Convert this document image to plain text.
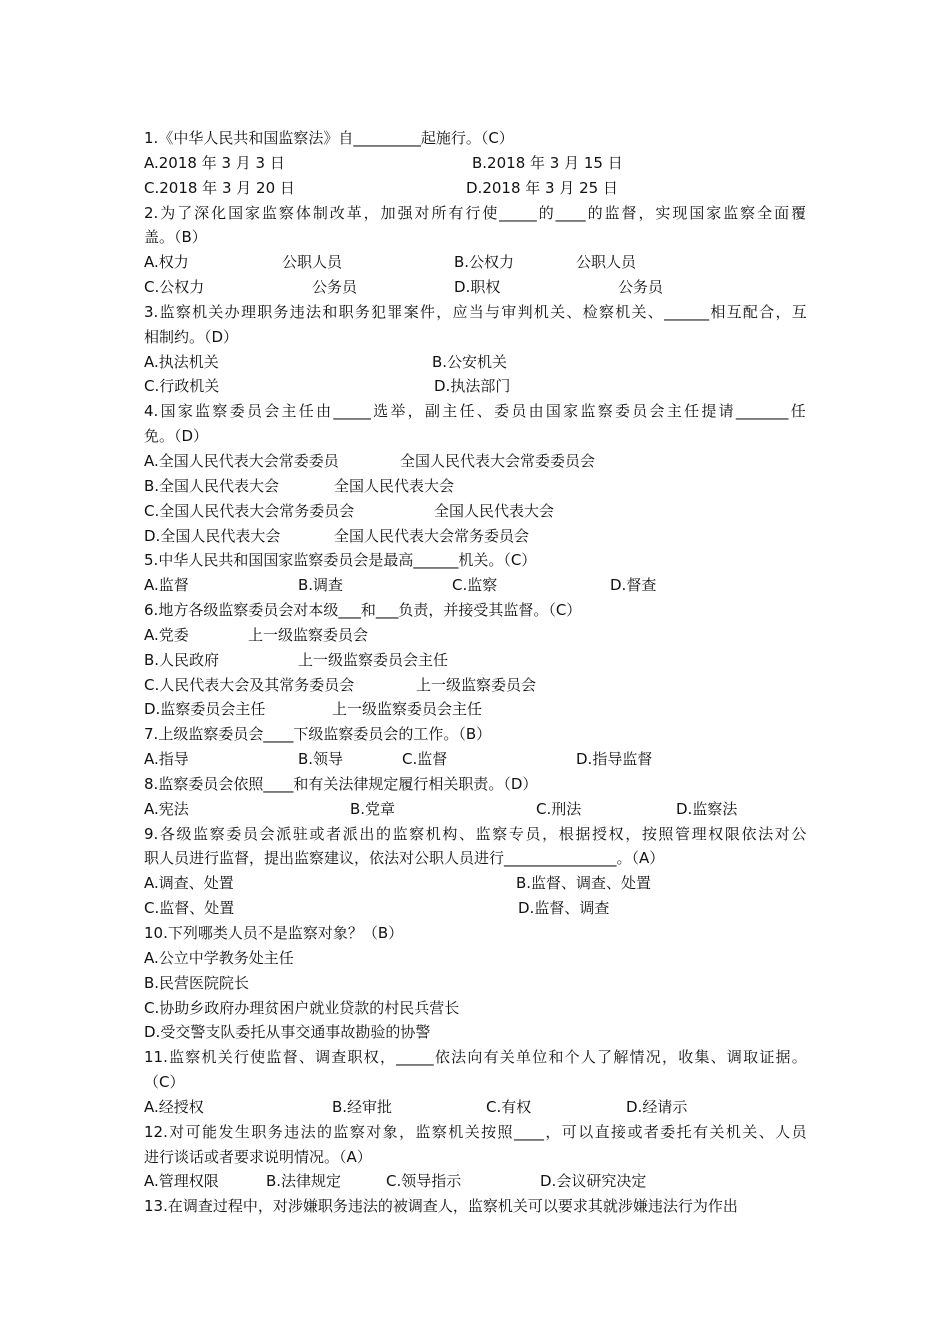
1.《中华人民共和国监察法》自_________起施行。（C）
A.2018 年 3 月 3 日	B.2018 年 3 月 15 日
C.2018 年 3 月 20 日	D.2018 年 3 月 25 日
2.为了深化国家监察体制改革，加强对所有行使_____的____的监督，实现国家监察全面覆
盖。（B）
A.权力	公职人员	B.公权力	公职人员
C.公权力	公务员	D.职权	公务员
3.监察机关办理职务违法和职务犯罪案件，应当与审判机关、检察机关、______相互配合，互
相制约。（D）
A.执法机关	B.公安机关
C.行政机关	D.执法部门
4.国家监察委员会主任由_____选举，副主任、委员由国家监察委员会主任提请_______任
免。（D）
A.全国人民代表大会常委委员	全国人民代表大会常委委员会
B.全国人民代表大会	全国人民代表大会
C.全国人民代表大会常务委员会	全国人民代表大会
D.全国人民代表大会	全国人民代表大会常务委员会
5.中华人民共和国国家监察委员会是最高______机关。（C）
A.监督	B.调查	C.监察	D.督查
6.地方各级监察委员会对本级___和___负责，并接受其监督。（C）
A.党委	上一级监察委员会
B.人民政府	上一级监察委员会主任
C.人民代表大会及其常务委员会	上一级监察委员会
D.监察委员会主任	上一级监察委员会主任
7.上级监察委员会____下级监察委员会的工作。（B）
A.指导	B.领导	C.监督	D.指导监督
8.监察委员会依照____和有关法律规定履行相关职责。（D）
A.宪法	B.党章	C.刑法	D.监察法
9.各级监察委员会派驻或者派出的监察机构、监察专员，根据授权，按照管理权限依法对公
职人员进行监督，提出监察建议，依法对公职人员进行_______________。（A）
A.调查、处置	B.监督、调查、处置
C.监督、处置	D.监督、调查
10.下列哪类人员不是监察对象？（B）
A.公立中学教务处主任
B.民营医院院长
C.协助乡政府办理贫困户就业贷款的村民兵营长
D.受交警支队委托从事交通事故勘验的协警
11.监察机关行使监督、调查职权，_____依法向有关单位和个人了解情况，收集、调取证据。
（C）
A.经授权	B.经审批	C.有权	D.经请示
12.对可能发生职务违法的监察对象，监察机关按照____，可以直接或者委托有关机关、人员
进行谈话或者要求说明情况。（A）
A.管理权限	B.法律规定	C.领导指示	D.会议研究决定
13.在调查过程中，对涉嫌职务违法的被调查人，监察机关可以要求其就涉嫌违法行为作出
